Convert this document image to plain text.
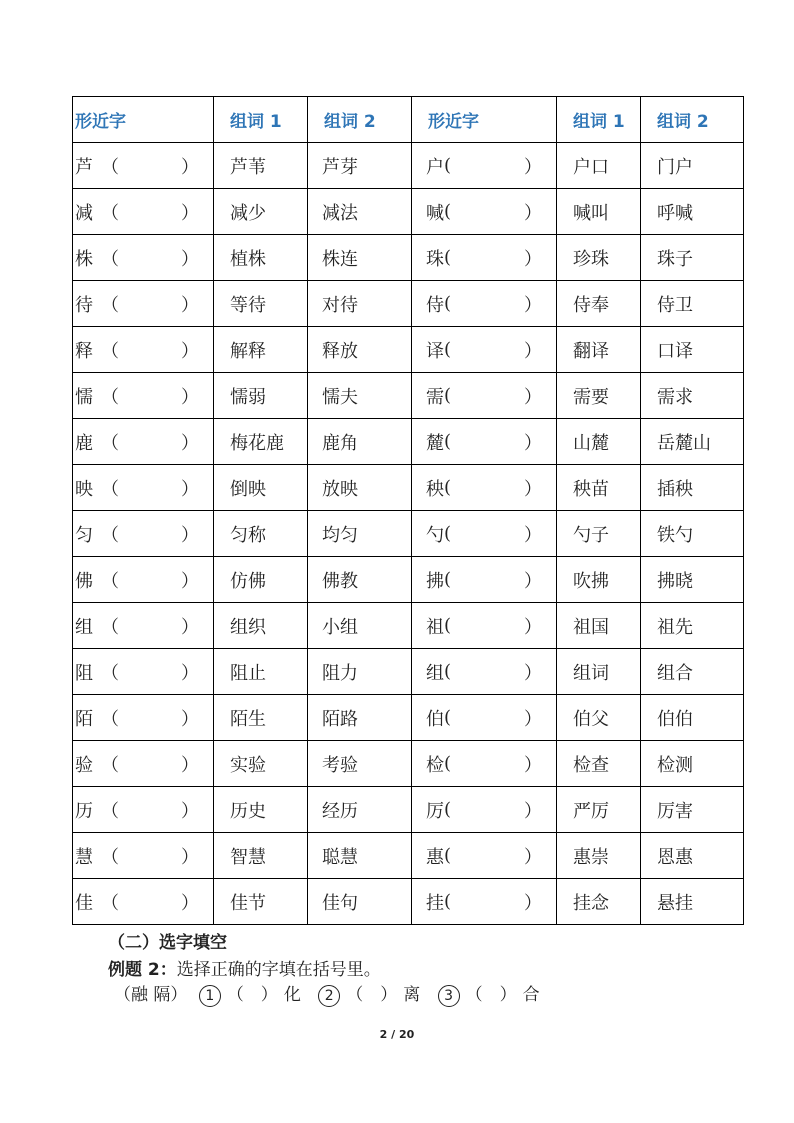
形近字	组词 1	组词 2	形近字	组词 1	组词 2

芦 （ ）	芦苇	芦芽	户 ( ）	户口	门户

减 （ ）	减少	减法	喊 ( ）	喊叫	呼喊

株 （ ）	植株	株连	珠 ( ）	珍珠	珠子

待 （ ）	等待	对待	侍 ( ）	侍奉	侍卫

释 （ ）	解释	释放	译 ( ）	翻译	口译

懦 （ ）	懦弱	懦夫	需 ( ）	需要	需求

鹿 （ ）	梅花鹿	鹿角	麓 ( ）	山麓	岳麓山

映 （ ）	倒映	放映	秧 ( ）	秧苗	插秧

匀 （ ）	匀称	均匀	勺 ( ）	勺子	铁勺

佛 （ ）	仿佛	佛教	拂 ( ）	吹拂	拂晓

组 （ ）	组织	小组	祖 ( ）	祖国	祖先

阻 （ ）	阻止	阻力	组 ( ）	组词	组合

陌 （ ）	陌生	陌路	伯 ( ）	伯父	伯伯

验 （ ）	实验	考验	检 ( ）	检查	检测

历 （ ）	历史	经历	厉 ( ）	严厉	厉害

慧 （ ）	智慧	聪慧	惠 ( ）	惠崇	恩惠

佳 （ ）	佳节	佳句	挂 ( ）	挂念	悬挂
（二）选字填空
例题 2：选择正确的字填在括号里。
（融 隔） 1 （　） 化 2 （　） 离 3 （　） 合
2 / 20
